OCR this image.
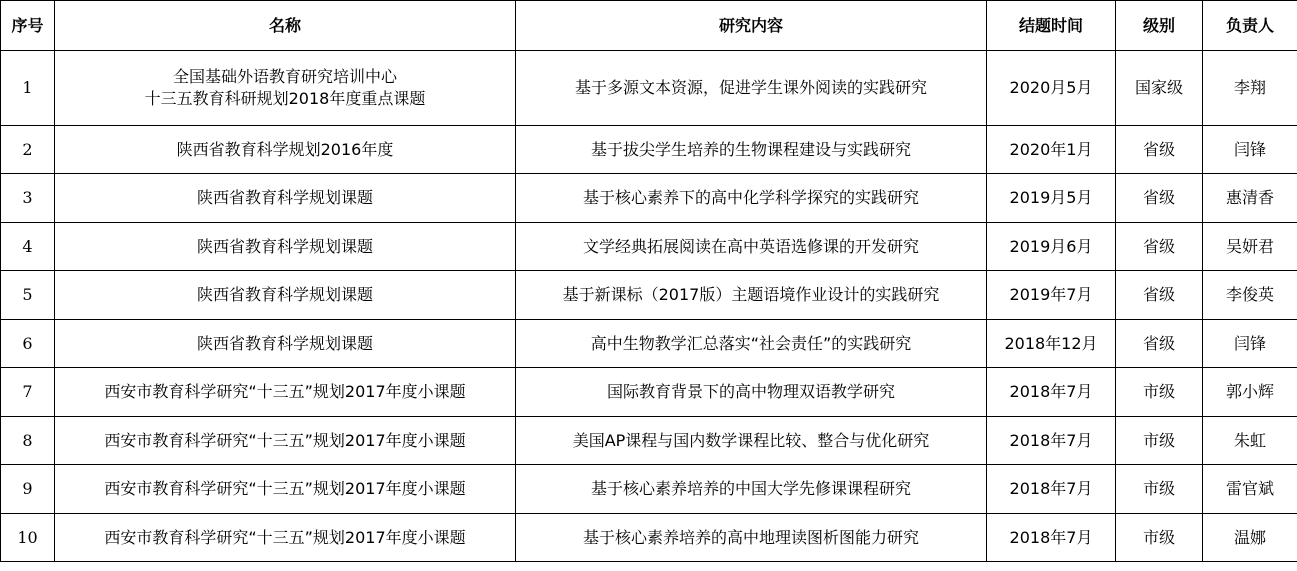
序号	名称	研究内容	结题时间	级别	负责人
1	全国基础外语教育研究培训中心
十三五教育科研规划2018年度重点课题	基于多源文本资源，促进学生课外阅读的实践研究	2020月5月	国家级	李翔
2	陕西省教育科学规划2016年度	基于拔尖学生培养的生物课程建设与实践研究	2020年1月	省级	闫锋
3	陕西省教育科学规划课题	基于核心素养下的高中化学科学探究的实践研究	2019月5月	省级	惠清香
4	陕西省教育科学规划课题	文学经典拓展阅读在高中英语选修课的开发研究	2019月6月	省级	吴妍君
5	陕西省教育科学规划课题	基于新课标（2017版）主题语境作业设计的实践研究	2019年7月	省级	李俊英
6	陕西省教育科学规划课题	高中生物教学汇总落实“社会责任”的实践研究	2018年12月	省级	闫锋
7	西安市教育科学研究“十三五”规划2017年度小课题	国际教育背景下的高中物理双语教学研究	2018年7月	市级	郭小辉
8	西安市教育科学研究“十三五”规划2017年度小课题	美国AP课程与国内数学课程比较、整合与优化研究	2018年7月	市级	朱虹
9	西安市教育科学研究“十三五”规划2017年度小课题	基于核心素养培养的中国大学先修课课程研究	2018年7月	市级	雷官斌
10	西安市教育科学研究“十三五”规划2017年度小课题	基于核心素养培养的高中地理读图析图能力研究	2018年7月	市级	温娜
